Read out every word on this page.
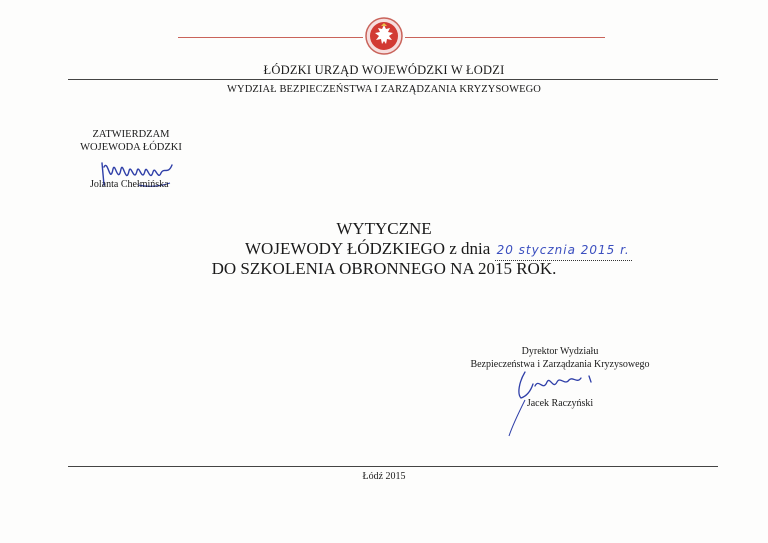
ŁÓDZKI URZĄD WOJEWÓDZKI W ŁODZI
WYDZIAŁ BEZPIECZEŃSTWA I ZARZĄDZANIA KRYZYSOWEGO
ZATWIERDZAM
WOJEWODA ŁÓDZKI
Jolanta Chełmińska
WYTYCZNE
WOJEWODY ŁÓDZKIEGO z dnia 20 stycznia 2015 r.
DO SZKOLENIA OBRONNEGO NA 2015 ROK.
Dyrektor Wydziału
Bezpieczeństwa i Zarządzania Kryzysowego
Jacek Raczyński
Łódź 2015
